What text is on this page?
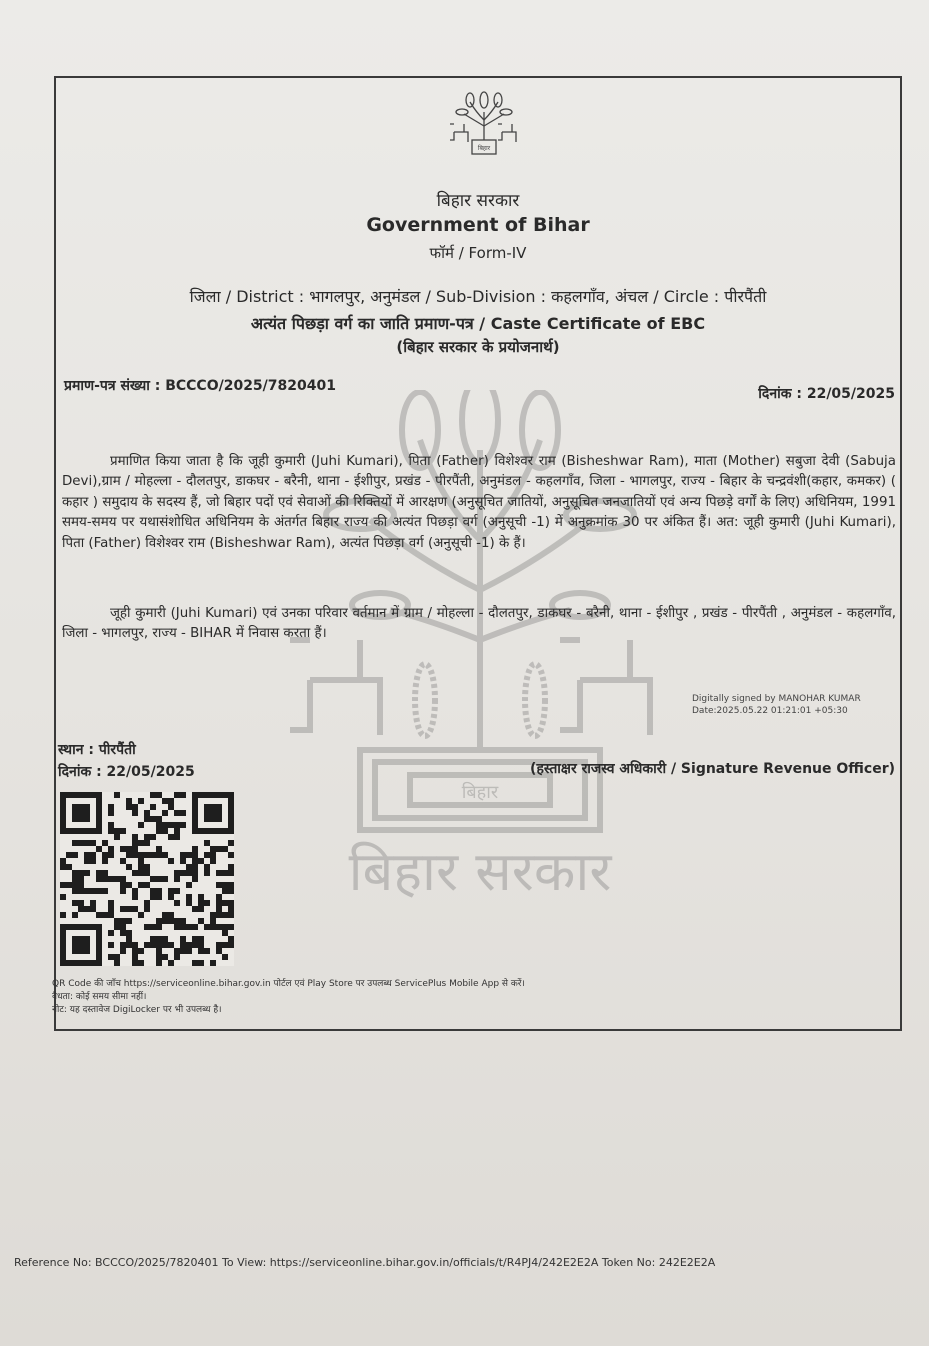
बिहार
बिहार सरकार
बिहार
बिहार सरकार
Government of Bihar
फॉर्म / Form-IV
जिला / District : भागलपुर, अनुमंडल / Sub-Division : कहलगाँव, अंचल / Circle : पीरपैंती
अत्यंत पिछड़ा वर्ग का जाति प्रमाण-पत्र / Caste Certificate of EBC
(बिहार सरकार के प्रयोजनार्थ)
प्रमाण-पत्र संख्या : BCCCO/2025/7820401	दिनांक : 22/05/2025
प्रमाणित किया जाता है कि जूही कुमारी (Juhi Kumari), पिता (Father) विशेश्वर राम (Bisheshwar Ram), माता (Mother) सबुजा देवी (Sabuja Devi),ग्राम / मोहल्ला - दौलतपुर, डाकघर - बरैनी, थाना - ईशीपुर, प्रखंड - पीरपैंती, अनुमंडल - कहलगाँव, जिला - भागलपुर, राज्य - बिहार के चन्द्रवंशी(कहार, कमकर) ( कहार ) समुदाय के सदस्य हैं, जो बिहार पदों एवं सेवाओं की रिक्तियों में आरक्षण (अनुसूचित जातियों, अनुसूचित जनजातियों एवं अन्य पिछड़े वर्गों के लिए) अधिनियम, 1991 समय-समय पर यथासंशोधित अधिनियम के अंतर्गत बिहार राज्य की अत्यंत पिछड़ा वर्ग (अनुसूची -1) में अनुक्रमांक 30 पर अंकित हैं। अत: जूही कुमारी (Juhi Kumari), पिता (Father) विशेश्वर राम (Bisheshwar Ram), अत्यंत पिछड़ा वर्ग (अनुसूची -1) के हैं।
जूही कुमारी (Juhi Kumari) एवं उनका परिवार वर्तमान में ग्राम / मोहल्ला - दौलतपुर, डाकघर - बरैनी, थाना - ईशीपुर , प्रखंड - पीरपैंती , अनुमंडल - कहलगाँव, जिला - भागलपुर, राज्य - BIHAR में निवास करता हैं।
Digitally signed by MANOHAR KUMAR
Date:2025.05.22 01:21:01 +05:30
स्थान : पीरपैंती
दिनांक : 22/05/2025	(हस्ताक्षर राजस्व अधिकारी / Signature Revenue Officer)
QR Code की जाँच https://serviceonline.bihar.gov.in पोर्टल एवं Play Store पर उपलब्ध ServicePlus Mobile App से करें।
वैधता: कोई समय सीमा नहीं।
नोट: यह दस्तावेज DigiLocker पर भी उपलब्ध है।
Reference No: BCCCO/2025/7820401 To View: https://serviceonline.bihar.gov.in/officials/t/R4PJ4/242E2E2A Token No: 242E2E2A
